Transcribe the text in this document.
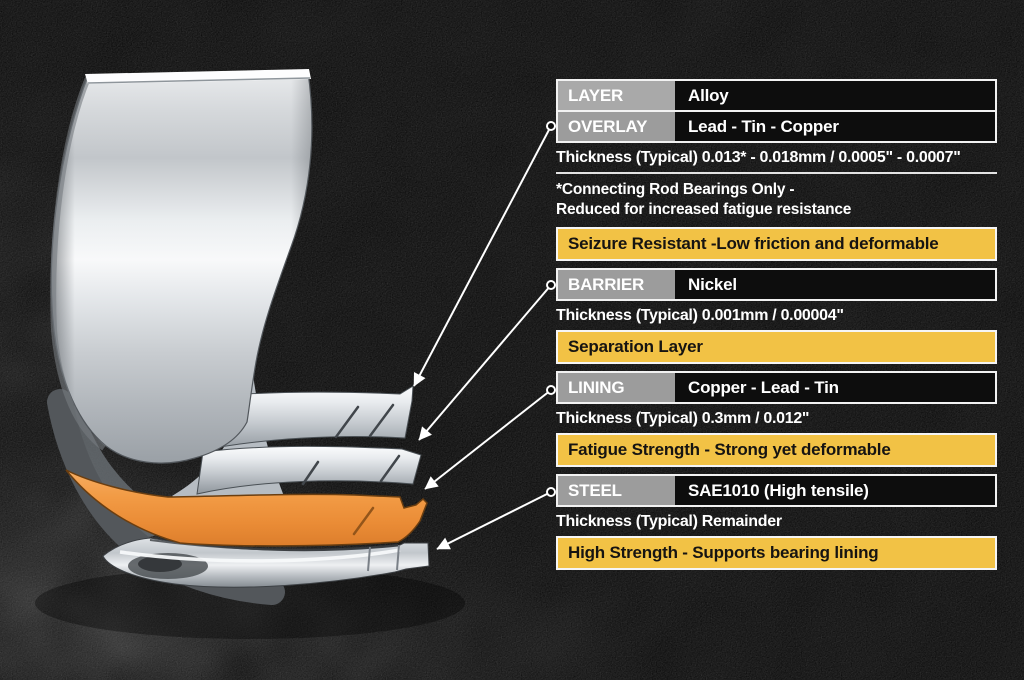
LAYER	Alloy
OVERLAY	Lead - Tin - Copper
Thickness (Typical) 0.013* - 0.018mm / 0.0005" - 0.0007"
*Connecting Rod Bearings Only -
Reduced for increased fatigue resistance
Seizure Resistant -Low friction and deformable
BARRIER	Nickel
Thickness (Typical) 0.001mm / 0.00004"
Separation Layer
LINING	Copper - Lead - Tin
Thickness (Typical) 0.3mm / 0.012"
Fatigue Strength - Strong yet deformable
STEEL	SAE1010 (High tensile)
Thickness (Typical) Remainder
High Strength - Supports bearing lining
